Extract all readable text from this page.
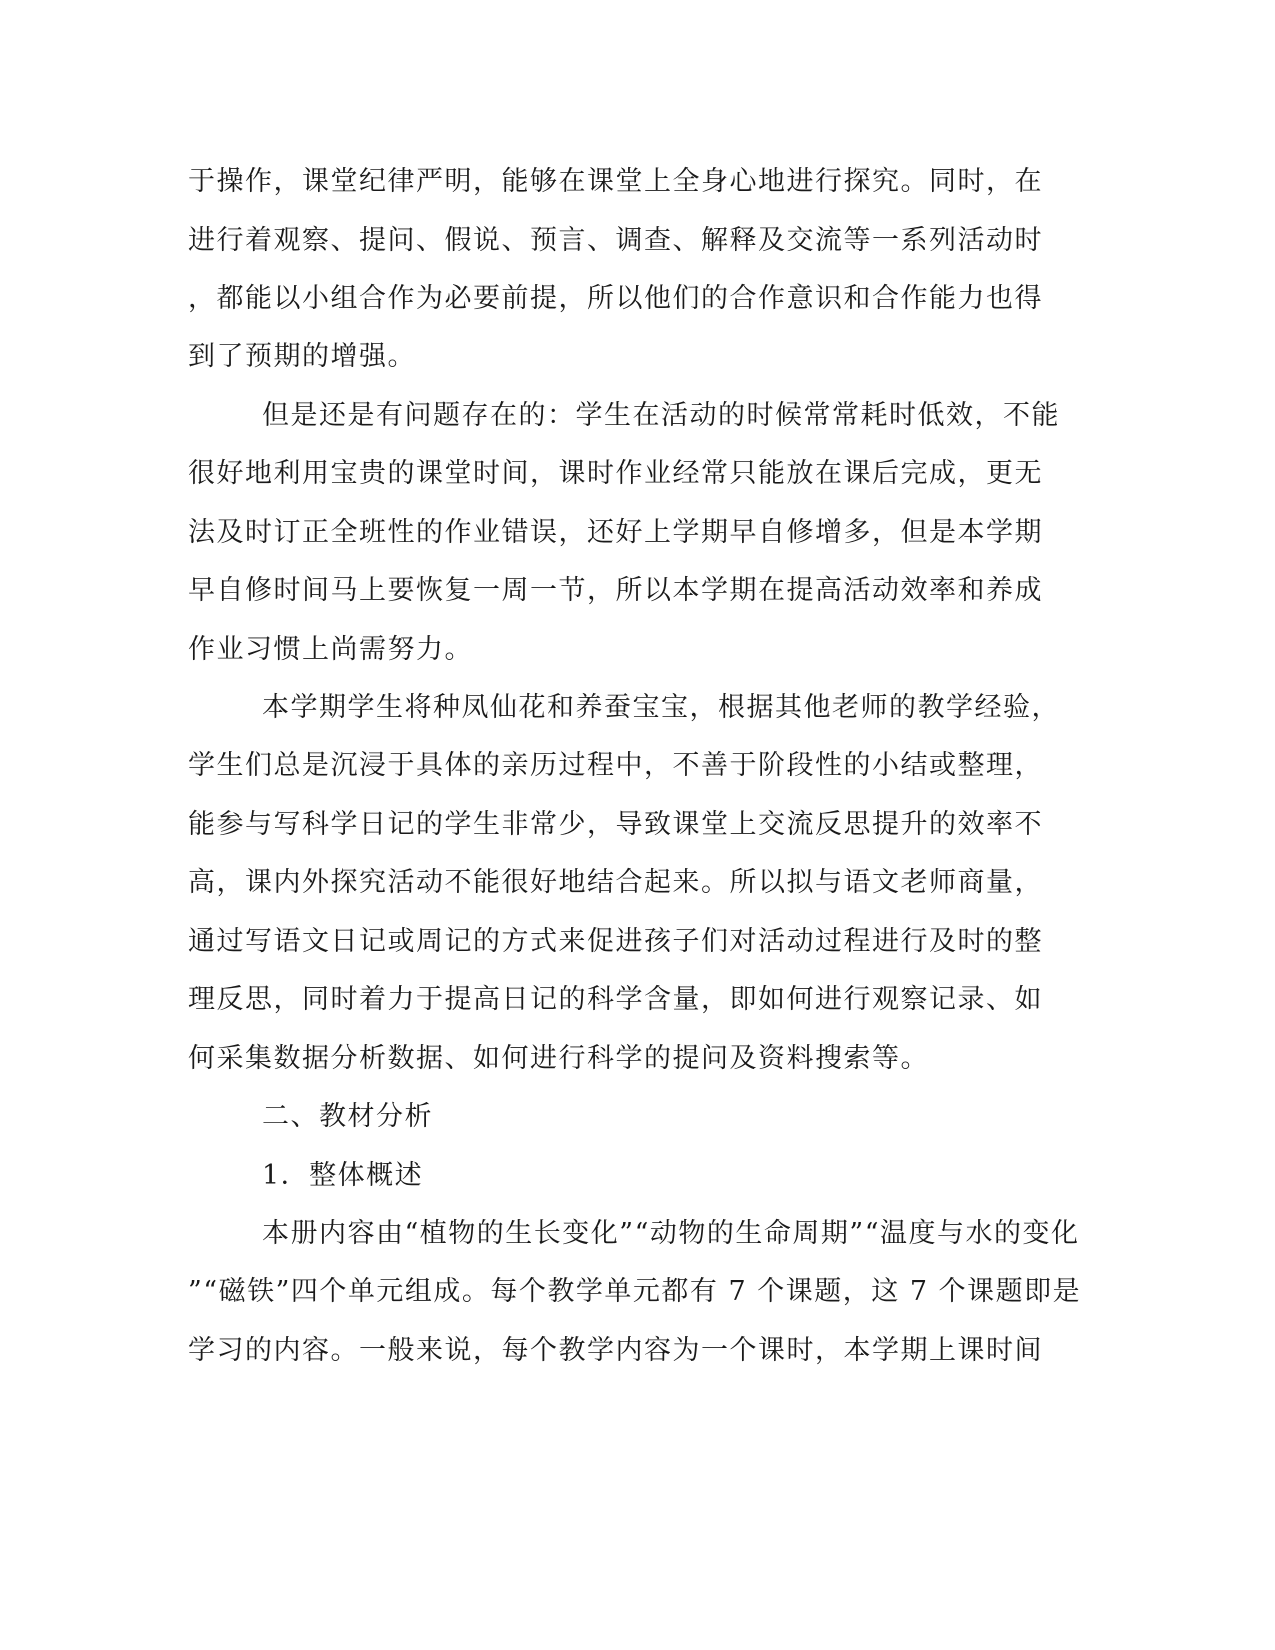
于操作，课堂纪律严明，能够在课堂上全身心地进行探究。同时，在

进行着观察、提问、假说、预言、调查、解释及交流等一系列活动时

，都能以小组合作为必要前提，所以他们的合作意识和合作能力也得

到了预期的增强。

但是还是有问题存在的：学生在活动的时候常常耗时低效，不能

很好地利用宝贵的课堂时间，课时作业经常只能放在课后完成，更无

法及时订正全班性的作业错误，还好上学期早自修增多，但是本学期

早自修时间马上要恢复一周一节，所以本学期在提高活动效率和养成

作业习惯上尚需努力。

本学期学生将种凤仙花和养蚕宝宝，根据其他老师的教学经验，

学生们总是沉浸于具体的亲历过程中，不善于阶段性的小结或整理，

能参与写科学日记的学生非常少，导致课堂上交流反思提升的效率不

高，课内外探究活动不能很好地结合起来。所以拟与语文老师商量，

通过写语文日记或周记的方式来促进孩子们对活动过程进行及时的整

理反思，同时着力于提高日记的科学含量，即如何进行观察记录、如

何采集数据分析数据、如何进行科学的提问及资料搜索等。

二、教材分析

1．整体概述

本册内容由“植物的生长变化”“动物的生命周期”“温度与水的变化

”“磁铁”四个单元组成。每个教学单元都有 7 个课题，这 7 个课题即是

学习的内容。一般来说，每个教学内容为一个课时，本学期上课时间
